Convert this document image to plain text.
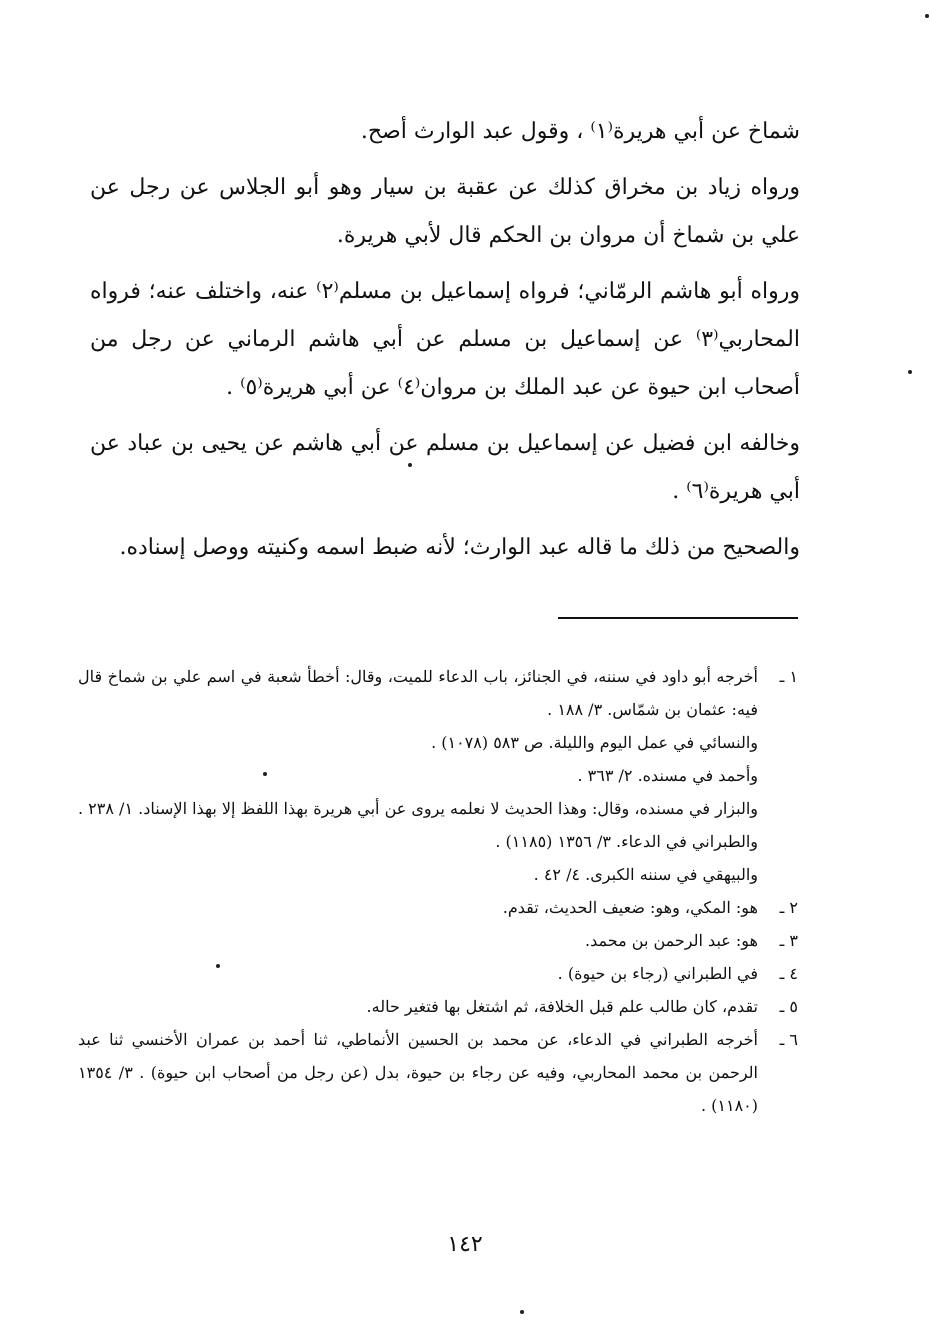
شماخ عن أبي هريرة⁽١⁾ ، وقول عبد الوارث أصح.

ورواه زياد بن مخراق كذلك عن عقبة بن سيار وهو أبو الجلاس عن رجل عن علي بن شماخ أن مروان بن الحكم قال لأبي هريرة.

ورواه أبو هاشم الرمّاني؛ فرواه إسماعيل بن مسلم⁽٢⁾ عنه، واختلف عنه؛ فرواه المحاربي⁽٣⁾ عن إسماعيل بن مسلم عن أبي هاشم الرماني عن رجل من أصحاب ابن حيوة عن عبد الملك بن مروان⁽٤⁾ عن أبي هريرة⁽٥⁾ .

وخالفه ابن فضيل عن إسماعيل بن مسلم عن أبي هاشم عن يحيى بن عباد عن أبي هريرة⁽٦⁾ .

والصحيح من ذلك ما قاله عبد الوارث؛ لأنه ضبط اسمه وكنيته ووصل إسناده.

١ ـ
أخرجه أبو داود في سننه، في الجنائز، باب الدعاء للميت، وقال: أخطأ شعبة في اسم علي بن شماخ قال فيه: عثمان بن شمّاس. ٣/ ١٨٨ .
والنسائي في عمل اليوم والليلة. ص ٥٨٣ (١٠٧٨) .
وأحمد في مسنده. ٢/ ٣٦٣ .
والبزار في مسنده، وقال: وهذا الحديث لا نعلمه يروى عن أبي هريرة بهذا اللفظ إلا بهذا الإسناد. ١/ ٢٣٨ .
والطبراني في الدعاء. ٣/ ١٣٥٦ (١١٨٥) .
والبيهقي في سننه الكبرى. ٤/ ٤٢ .
٢ ـ
هو: المكي، وهو: ضعيف الحديث، تقدم.
٣ ـ
هو: عبد الرحمن بن محمد.
٤ ـ
في الطبراني (رجاء بن حيوة) .
٥ ـ
تقدم، كان طالب علم قبل الخلافة، ثم اشتغل بها فتغير حاله.
٦ ـ
أخرجه الطبراني في الدعاء، عن محمد بن الحسين الأنماطي، ثنا أحمد بن عمران الأخنسي ثنا عبد الرحمن بن محمد المحاربي، وفيه عن رجاء بن حيوة، بدل (عن رجل من أصحاب ابن حيوة) . ٣/ ١٣٥٤ (١١٨٠) .
١٤٢
